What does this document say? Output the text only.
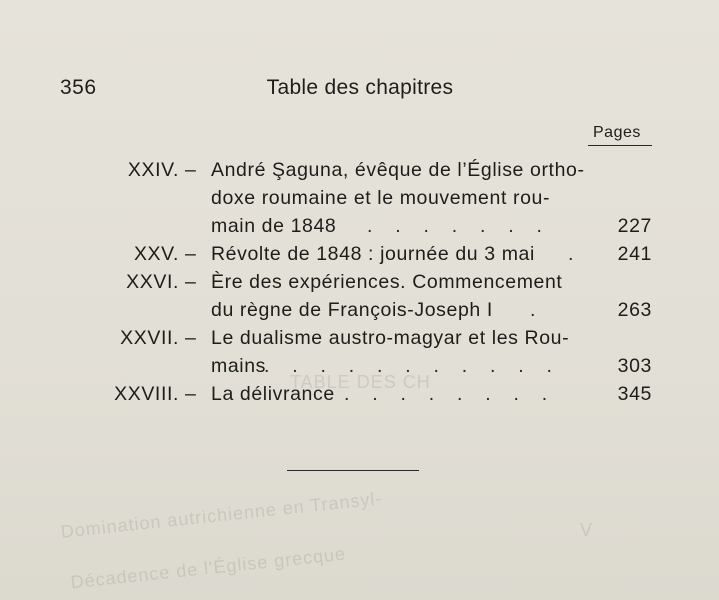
TABLE DES CH
V
Domination autrichienne en Transyl-
Décadence de l'Église grecque
356	Table des chapitres
Pages
XXIV. – André Şaguna, évêque de l’Église ortho-
doxe roumaine et le mouvement rou-
main de 1848 .  .  .  .  .  .  .	227
XXV. – Révolte de 1848 : journée du 3 mai . 241
XXVI. – Ère des expériences. Commencement
du règne de François-Joseph I .	263
XXVII. – Le dualisme austro-magyar et les Rou-
mains
.  .  .  .  .  .  .  .  .  .  .	303
XXVIII. – La délivrance .  .  .  .  .  .  .  .	345
